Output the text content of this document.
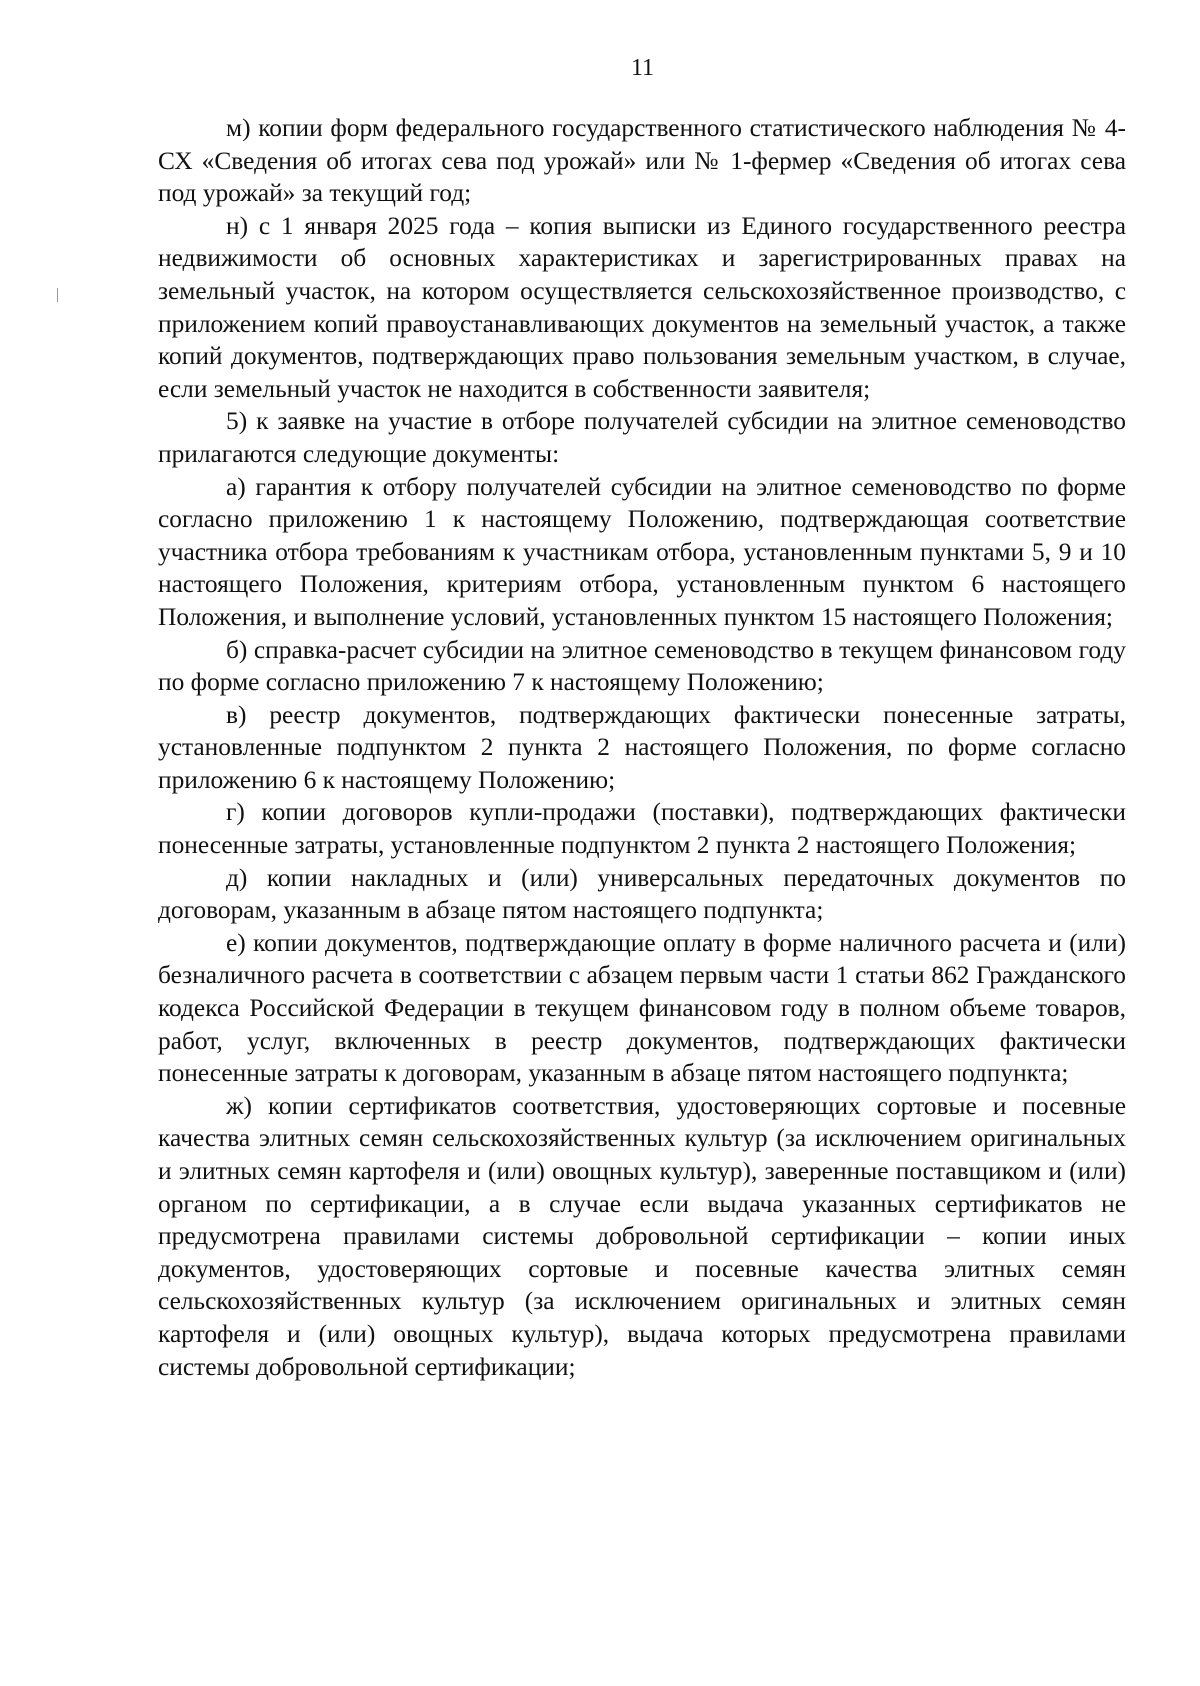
11

м) копии форм федерального государственного статистического наблюдения № 4-СХ «Сведения об итогах сева под урожай» или № 1-фермер «Сведения об итогах сева под урожай» за текущий год;

н) с 1 января 2025 года – копия выписки из Единого государственного реестра недвижимости об основных характеристиках и зарегистрированных правах на земельный участок, на котором осуществляется сельскохозяйственное производство, с приложением копий правоустанавливающих документов на земельный участок, а также копий документов, подтверждающих право пользования земельным участком, в случае, если земельный участок не находится в собственности заявителя;

5) к заявке на участие в отборе получателей субсидии на элитное семеноводство прилагаются следующие документы:

а) гарантия к отбору получателей субсидии на элитное семеноводство по форме согласно приложению 1 к настоящему Положению, подтверждающая соответствие участника отбора требованиям к участникам отбора, установленным пунктами 5, 9 и 10 настоящего Положения, критериям отбора, установленным пунктом 6 настоящего Положения, и выполнение условий, установленных пунктом 15 настоящего Положения;

б) справка-расчет субсидии на элитное семеноводство в текущем финансовом году по форме согласно приложению 7 к настоящему Положению;

в) реестр документов, подтверждающих фактически понесенные затраты, установленные подпунктом 2 пункта 2 настоящего Положения, по форме согласно приложению 6 к настоящему Положению;

г) копии договоров купли-продажи (поставки), подтверждающих фактически понесенные затраты, установленные подпунктом 2 пункта 2 настоящего Положения;

д) копии накладных и (или) универсальных передаточных документов по договорам, указанным в абзаце пятом настоящего подпункта;

е) копии документов, подтверждающие оплату в форме наличного расчета и (или) безналичного расчета в соответствии с абзацем первым части 1 статьи 862 Гражданского кодекса Российской Федерации в текущем финансовом году в полном объеме товаров, работ, услуг, включенных в реестр документов, подтверждающих фактически понесенные затраты к договорам, указанным в абзаце пятом настоящего подпункта;

ж) копии сертификатов соответствия, удостоверяющих сортовые и посевные качества элитных семян сельскохозяйственных культур (за исключением оригинальных и элитных семян картофеля и (или) овощных культур), заверенные поставщиком и (или) органом по сертификации, а в случае если выдача указанных сертификатов не предусмотрена правилами системы добровольной сертификации – копии иных документов, удостоверяющих сортовые и посевные качества элитных семян сельскохозяйственных культур (за исключением оригинальных и элитных семян картофеля и (или) овощных культур), выдача которых предусмотрена правилами системы добровольной сертификации;
